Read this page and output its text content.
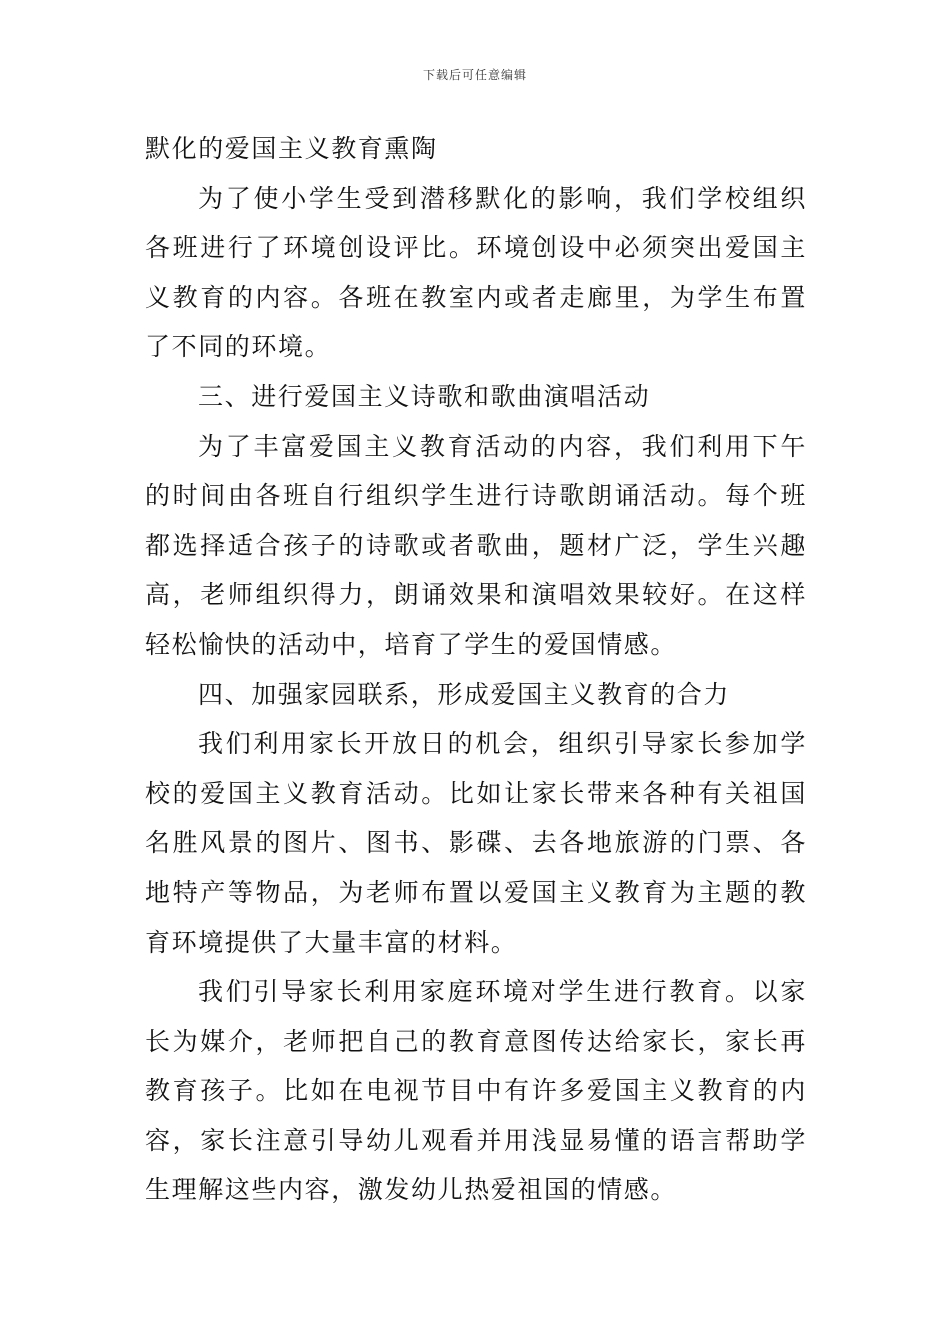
下载后可任意编辑

默化的爱国主义教育熏陶

为了使小学生受到潜移默化的影响，我们学校组织各班进行了环境创设评比。环境创设中必须突出爱国主义教育的内容。各班在教室内或者走廊里，为学生布置了不同的环境。

三、进行爱国主义诗歌和歌曲演唱活动

为了丰富爱国主义教育活动的内容，我们利用下午的时间由各班自行组织学生进行诗歌朗诵活动。每个班都选择适合孩子的诗歌或者歌曲，题材广泛，学生兴趣高，老师组织得力，朗诵效果和演唱效果较好。在这样轻松愉快的活动中，培育了学生的爱国情感。

四、加强家园联系，形成爱国主义教育的合力

我们利用家长开放日的机会，组织引导家长参加学校的爱国主义教育活动。比如让家长带来各种有关祖国名胜风景的图片、图书、影碟、去各地旅游的门票、各地特产等物品，为老师布置以爱国主义教育为主题的教育环境提供了大量丰富的材料。

我们引导家长利用家庭环境对学生进行教育。以家长为媒介，老师把自己的教育意图传达给家长，家长再教育孩子。比如在电视节目中有许多爱国主义教育的内容，家长注意引导幼儿观看并用浅显易懂的语言帮助学生理解这些内容，激发幼儿热爱祖国的情感。
